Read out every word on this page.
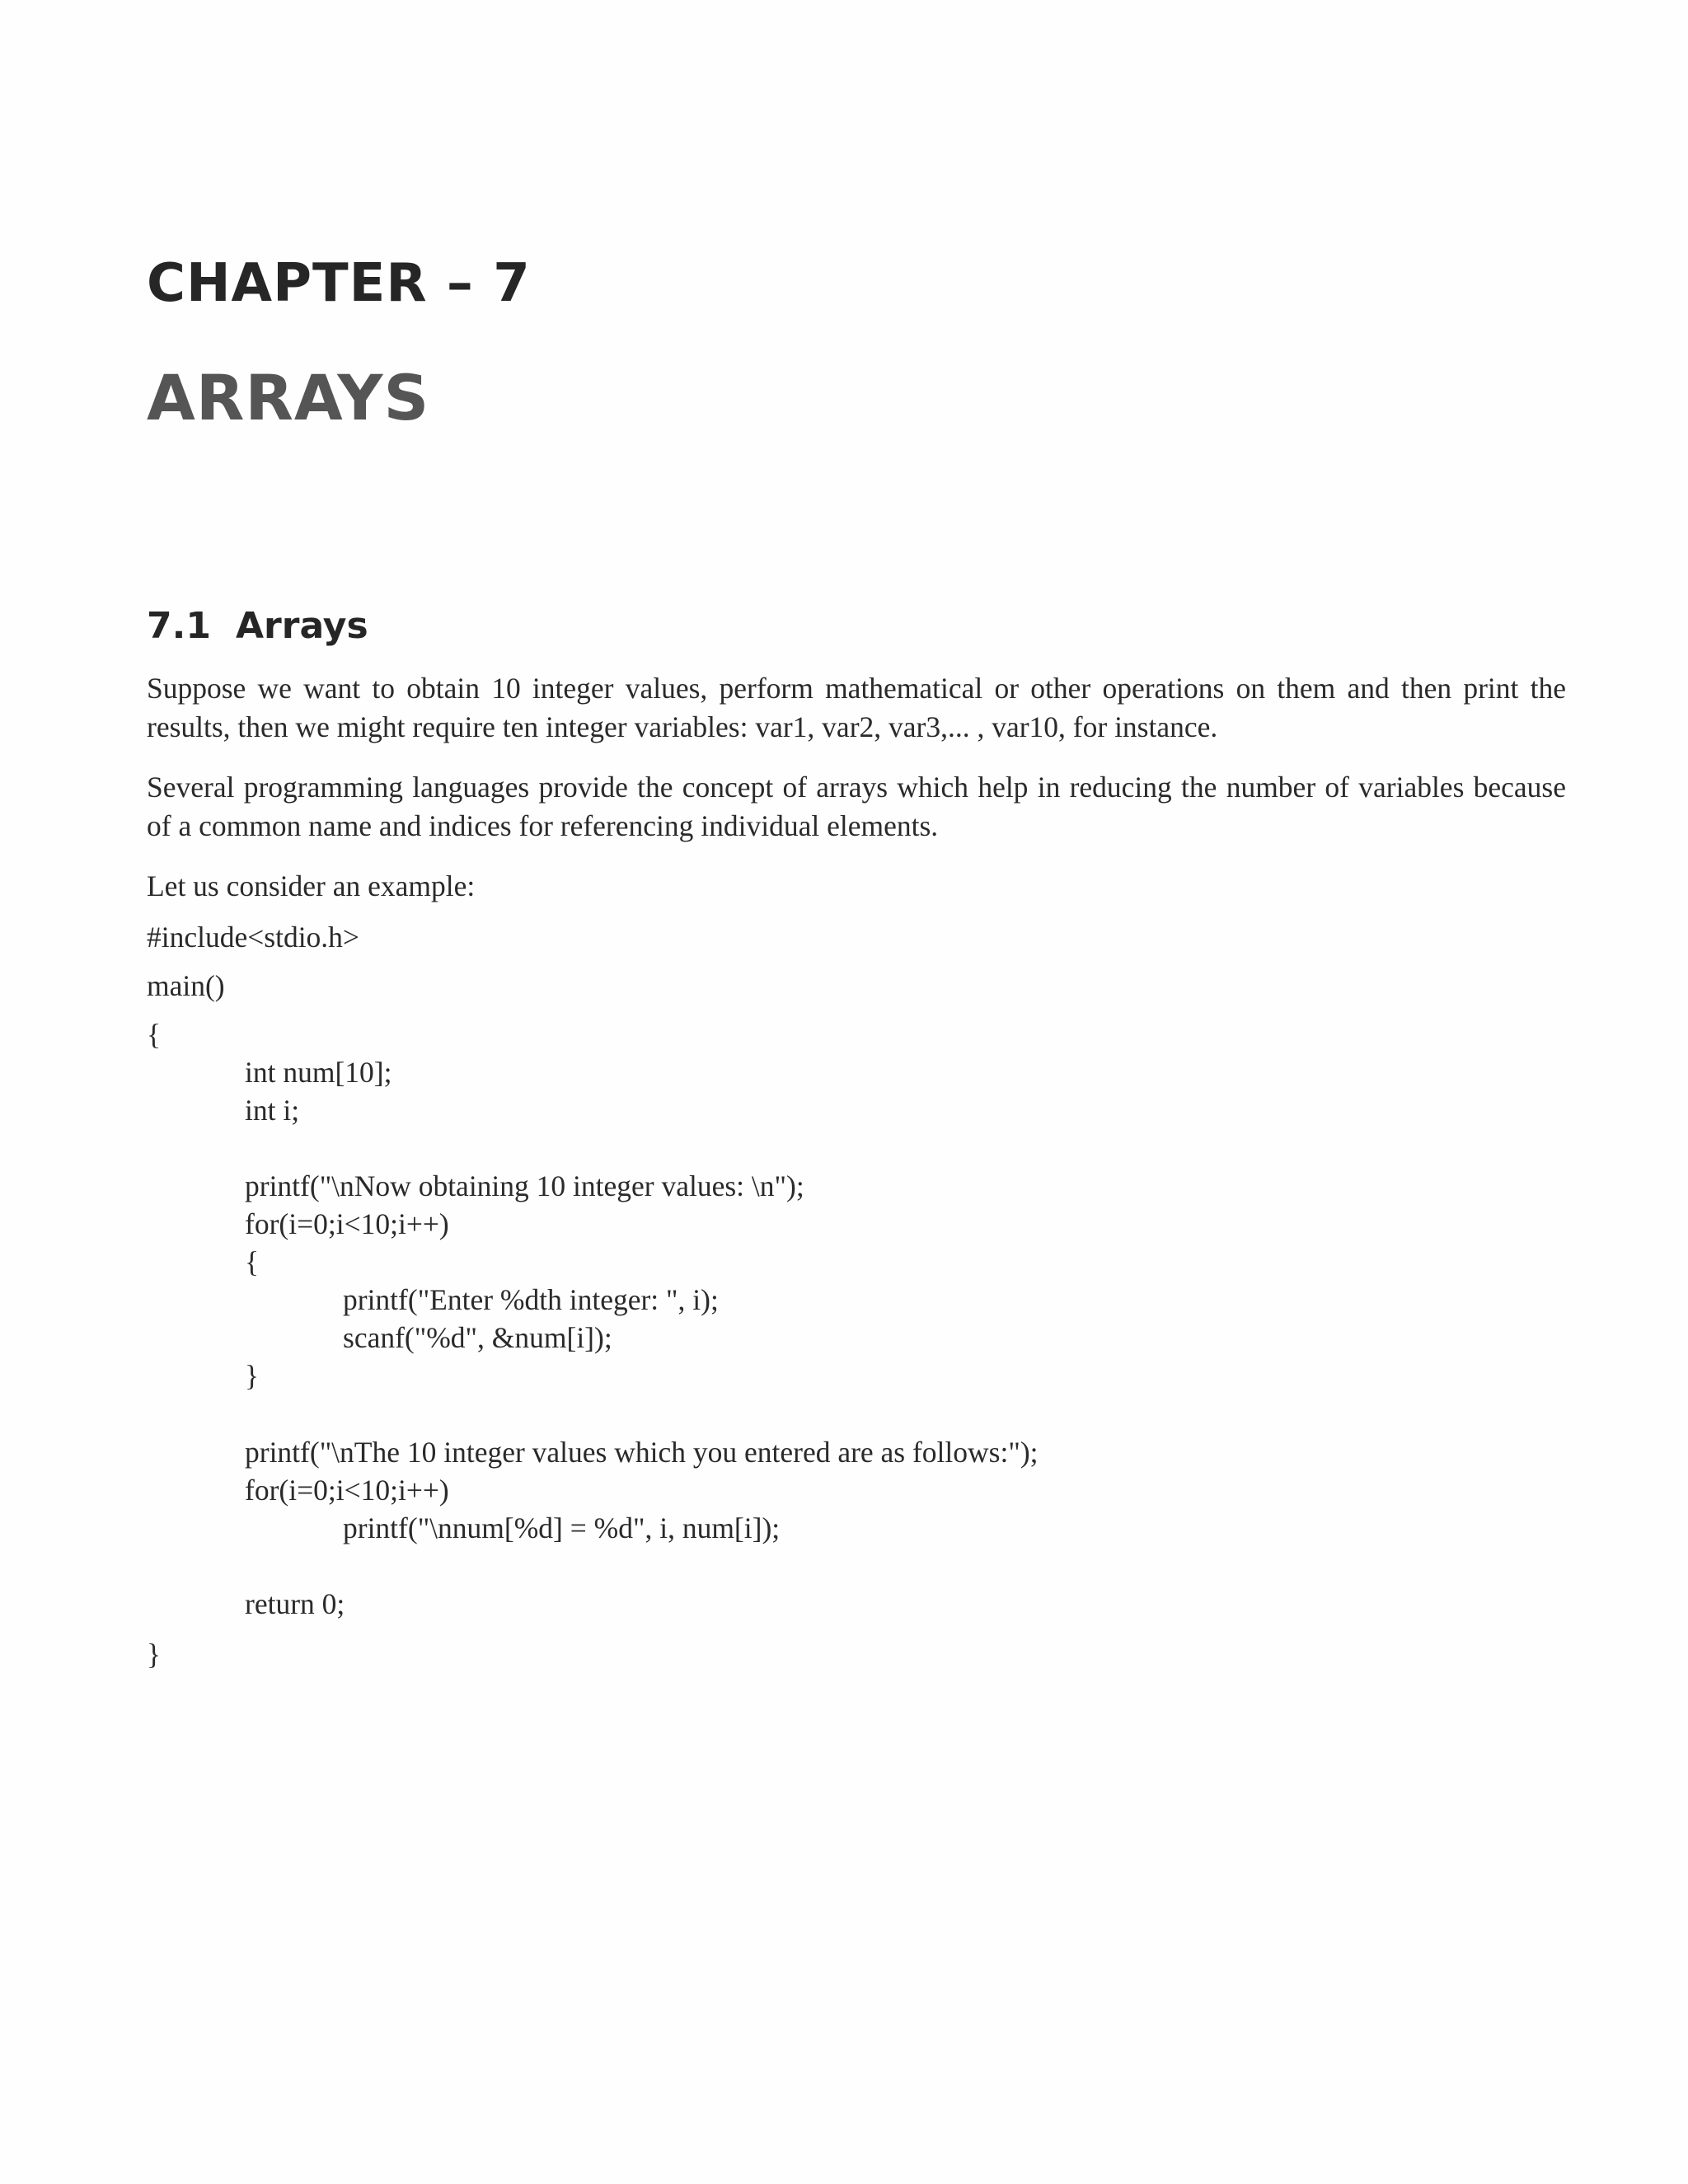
CHAPTER – 7
ARRAYS
7.1 Arrays

Suppose we want to obtain 10 integer values, perform mathematical or other operations on them and then print the results, then we might require ten integer variables: var1, var2, var3,... , var10, for instance.

Several programming languages provide the concept of arrays which help in reducing the number of variables because of a common name and indices for referencing individual elements.

Let us consider an example:

#include<stdio.h>
main()
{
int num[10];
int i;
printf("\nNow obtaining 10 integer values: \n");
for(i=0;i<10;i++)
{
printf("Enter %dth integer: ", i);
scanf("%d", &num[i]);
}
printf("\nThe 10 integer values which you entered are as follows:");
for(i=0;i<10;i++)
printf("\nnum[%d] = %d", i, num[i]);
return 0;
}
